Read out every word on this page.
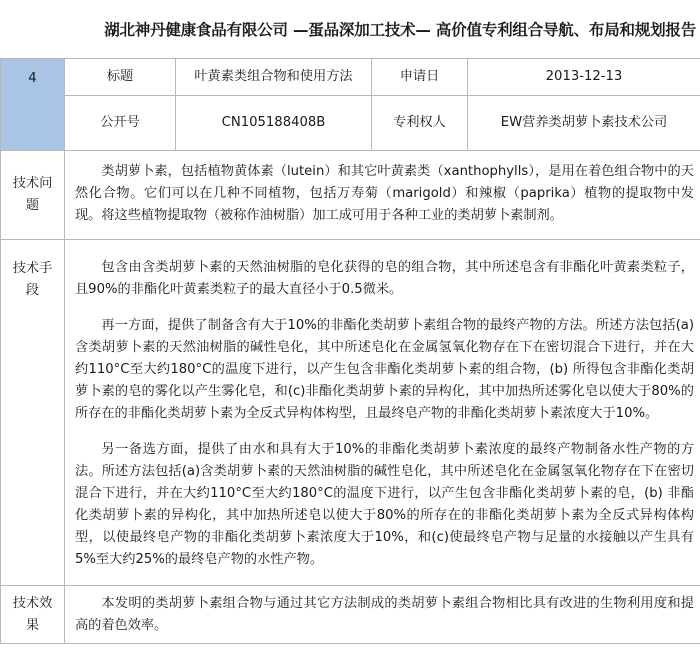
湖北神丹健康食品有限公司 —蛋品深加工技术— 高价值专利组合导航、布局和规划报告
4	标题	叶黄素类组合物和使用方法	申请日	2013-12-13
	公开号	CN105188408B	专利权人	EW营养类胡萝卜素技术公司
技术问题	类胡萝卜素，包括植物黄体素（lutein）和其它叶黄素类（xanthophylls），是用在着色组合物中的天然化合物。它们可以在几种不同植物，包括万寿菊（marigold）和辣椒（paprika）植物的提取物中发现。将这些植物提取物（被称作油树脂）加工成可用于各种工业的类胡萝卜素制剂。			

技术手段	包含由含类胡萝卜素的天然油树脂的皂化获得的皂的组合物，其中所述皂含有非酯化叶黄素类粒子，且90%的非酯化叶黄素类粒子的最大直径小于0.5微米。

再一方面，提供了制备含有大于10%的非酯化类胡萝卜素组合物的最终产物的方法。所述方法包括(a) 含类胡萝卜素的天然油树脂的碱性皂化，其中所述皂化在金属氢氧化物存在下在密切混合下进行，并在大约110°C至大约180°C的温度下进行，以产生包含非酯化类胡萝卜素的组合物，(b) 所得包含非酯化类胡萝卜素的皂的雾化以产生雾化皂，和(c)非酯化类胡萝卜素的异构化，其中加热所述雾化皂以使大于80%的所存在的非酯化类胡萝卜素为全反式异构体构型，且最终皂产物的非酯化类胡萝卜素浓度大于10%。

另一备选方面，提供了由水和具有大于10%的非酯化类胡萝卜素浓度的最终产物制备水性产物的方法。所述方法包括(a)含类胡萝卜素的天然油树脂的碱性皂化，其中所述皂化在金属氢氧化物存在下在密切混合下进行，并在大约110°C至大约180°C的温度下进行，以产生包含非酯化类胡萝卜素的皂，(b) 非酯化类胡萝卜素的异构化，其中加热所述皂以使大于80%的所存在的非酯化类胡萝卜素为全反式异构体构型，以使最终皂产物的非酯化类胡萝卜素浓度大于10%，和(c)使最终皂产物与足量的水接触以产生具有5%至大约25%的最终皂产物的水性产物。			

技术效果	本发明的类胡萝卜素组合物与通过其它方法制成的类胡萝卜素组合物相比具有改进的生物利用度和提高的着色效率。			
